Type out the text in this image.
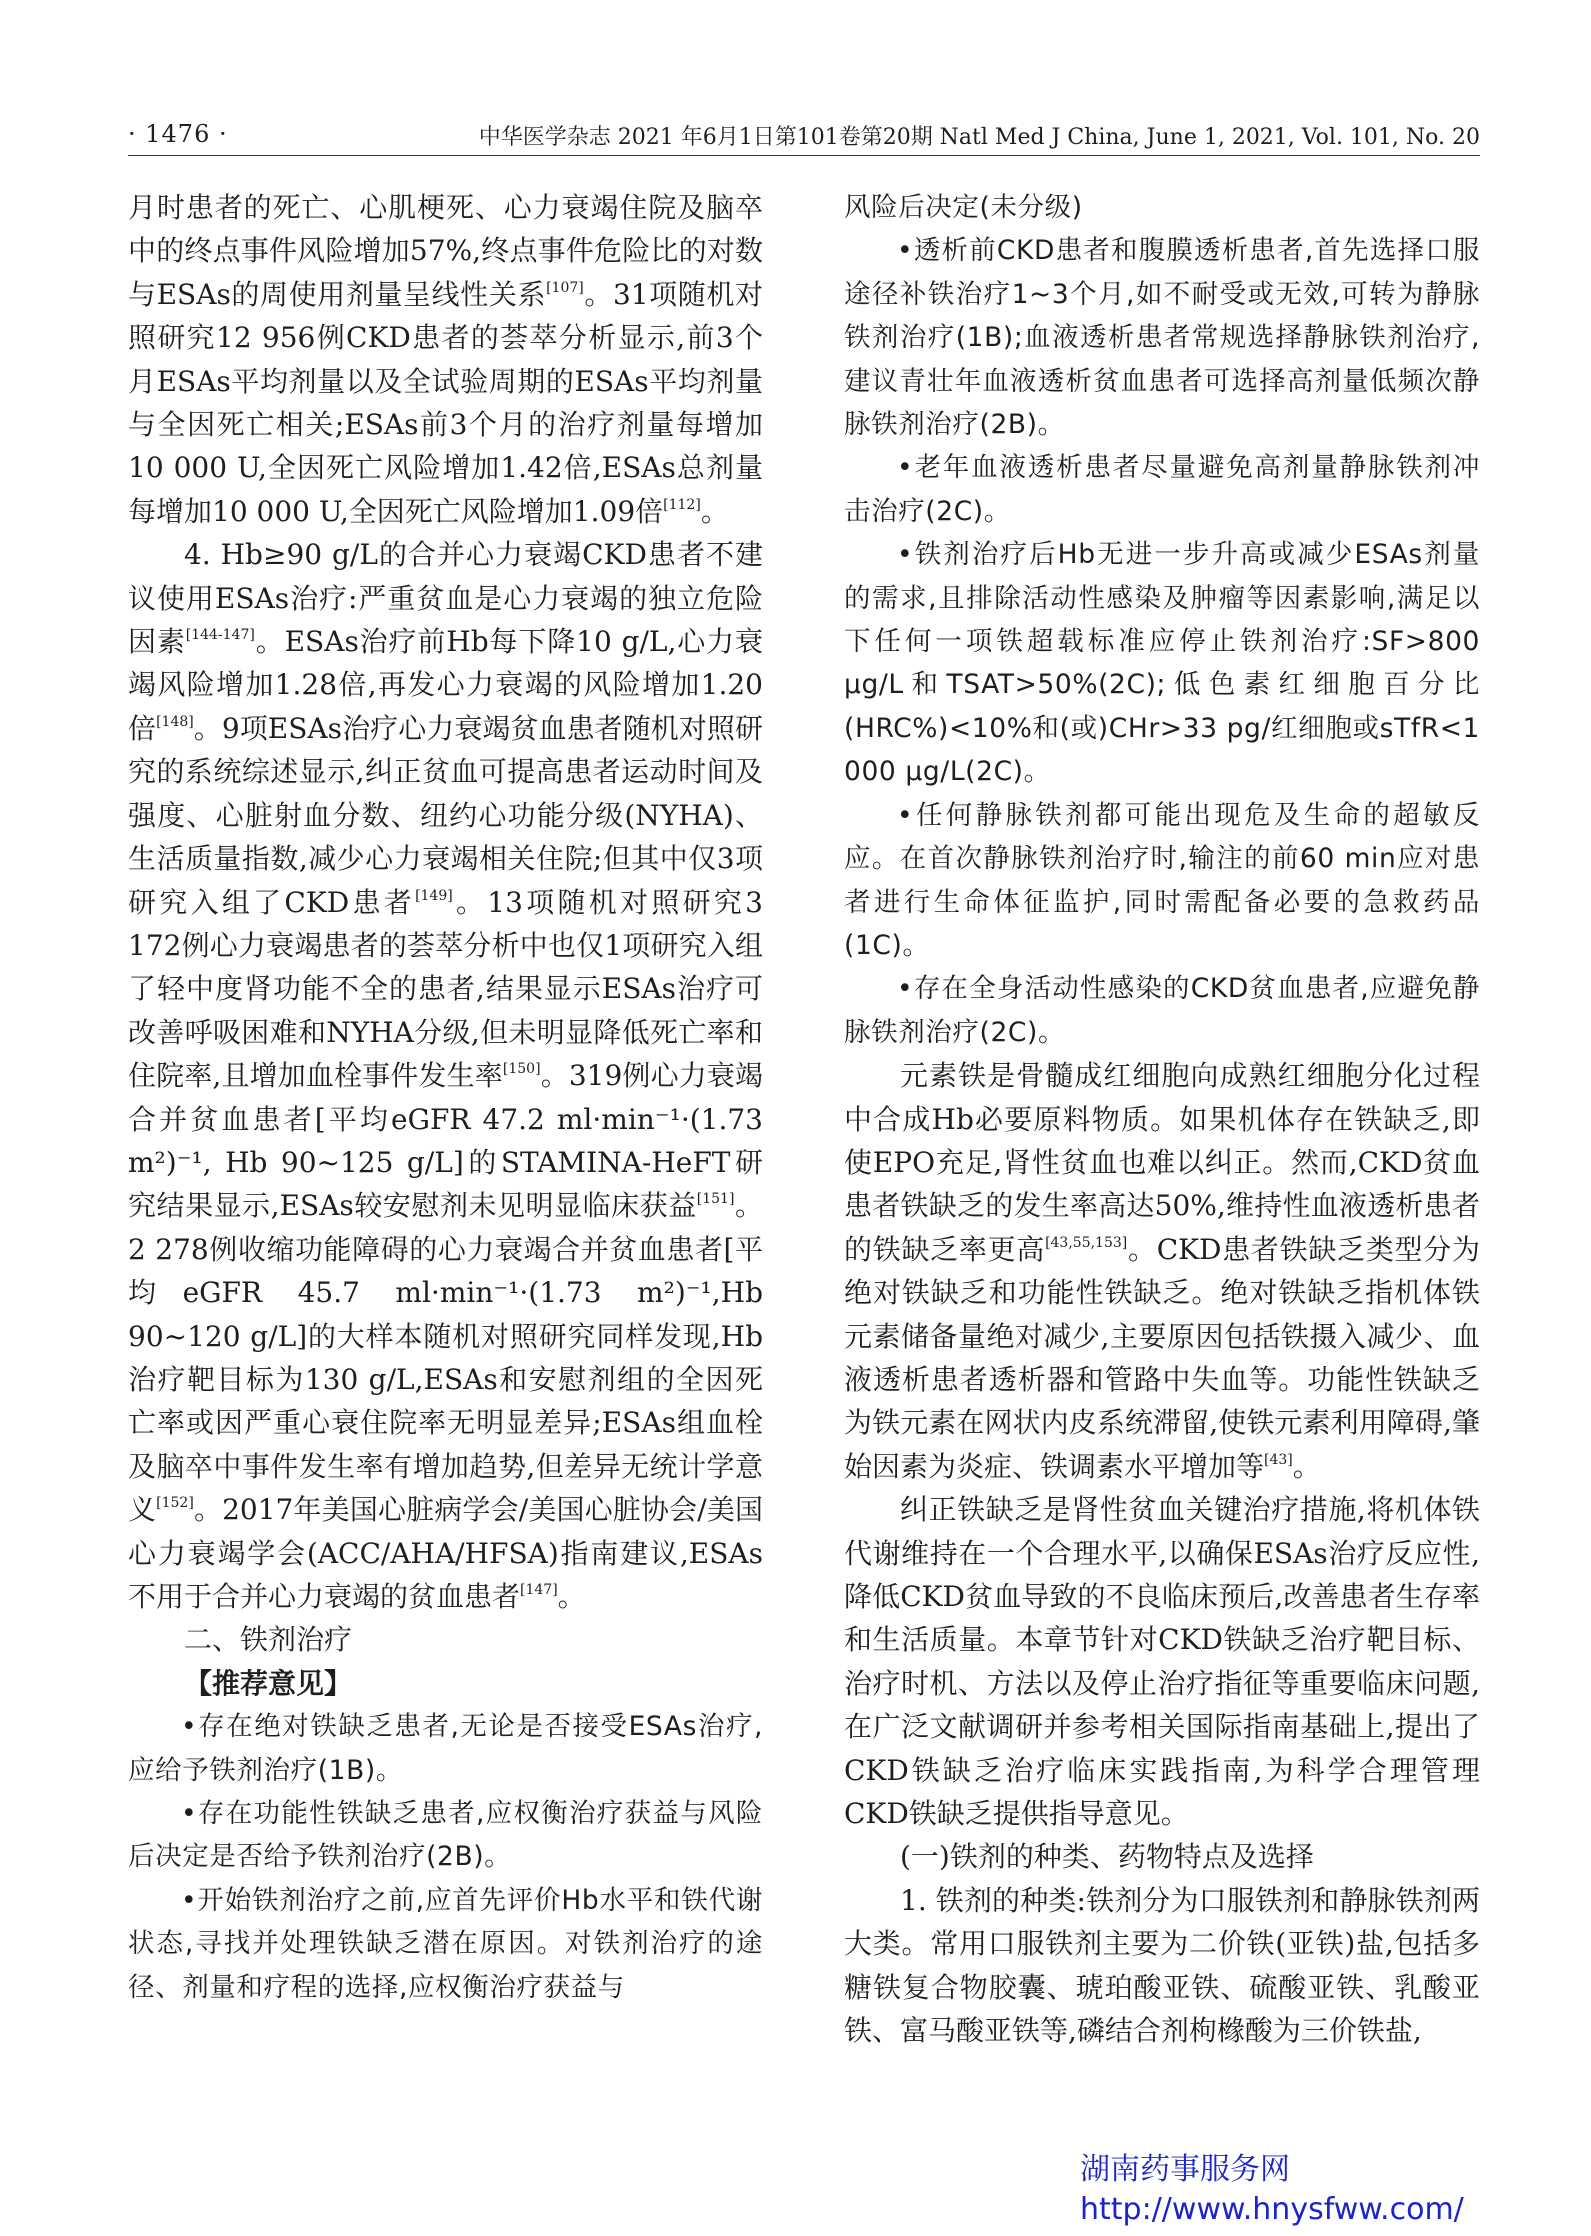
· 1476 ·	中华医学杂志 2021 年6月1日第101卷第20期 Natl Med J China, June 1, 2021, Vol. 101, No. 20

月时患者的死亡、心肌梗死、心力衰竭住院及脑卒中的终点事件风险增加57%,终点事件危险比的对数与ESAs的周使用剂量呈线性关系[107]。31项随机对照研究12 956例CKD患者的荟萃分析显示,前3个月ESAs平均剂量以及全试验周期的ESAs平均剂量与全因死亡相关;ESAs前3个月的治疗剂量每增加10 000 U,全因死亡风险增加1.42倍,ESAs总剂量每增加10 000 U,全因死亡风险增加1.09倍[112]。

4. Hb≥90 g/L的合并心力衰竭CKD患者不建议使用ESAs治疗:严重贫血是心力衰竭的独立危险因素[144-147]。ESAs治疗前Hb每下降10 g/L,心力衰竭风险增加1.28倍,再发心力衰竭的风险增加1.20倍[148]。9项ESAs治疗心力衰竭贫血患者随机对照研究的系统综述显示,纠正贫血可提高患者运动时间及强度、心脏射血分数、纽约心功能分级(NYHA)、生活质量指数,减少心力衰竭相关住院;但其中仅3项研究入组了CKD患者[149]。13项随机对照研究3 172例心力衰竭患者的荟萃分析中也仅1项研究入组了轻中度肾功能不全的患者,结果显示ESAs治疗可改善呼吸困难和NYHA分级,但未明显降低死亡率和住院率,且增加血栓事件发生率[150]。319例心力衰竭合并贫血患者[平均eGFR 47.2 ml·min⁻¹·(1.73 m²)⁻¹, Hb 90~125 g/L]的STAMINA-HeFT研究结果显示,ESAs较安慰剂未见明显临床获益[151]。2 278例收缩功能障碍的心力衰竭合并贫血患者[平均eGFR 45.7 ml·min⁻¹·(1.73 m²)⁻¹,Hb 90~120 g/L]的大样本随机对照研究同样发现,Hb治疗靶目标为130 g/L,ESAs和安慰剂组的全因死亡率或因严重心衰住院率无明显差异;ESAs组血栓及脑卒中事件发生率有增加趋势,但差异无统计学意义[152]。2017年美国心脏病学会/美国心脏协会/美国心力衰竭学会(ACC/AHA/HFSA)指南建议,ESAs不用于合并心力衰竭的贫血患者[147]。

二、铁剂治疗

【推荐意见】

•存在绝对铁缺乏患者,无论是否接受ESAs治疗,应给予铁剂治疗(1B)。

•存在功能性铁缺乏患者,应权衡治疗获益与风险后决定是否给予铁剂治疗(2B)。

•开始铁剂治疗之前,应首先评价Hb水平和铁代谢状态,寻找并处理铁缺乏潜在原因。对铁剂治疗的途径、剂量和疗程的选择,应权衡治疗获益与

风险后决定(未分级)

•透析前CKD患者和腹膜透析患者,首先选择口服途径补铁治疗1~3个月,如不耐受或无效,可转为静脉铁剂治疗(1B);血液透析患者常规选择静脉铁剂治疗,建议青壮年血液透析贫血患者可选择高剂量低频次静脉铁剂治疗(2B)。

•老年血液透析患者尽量避免高剂量静脉铁剂冲击治疗(2C)。

•铁剂治疗后Hb无进一步升高或减少ESAs剂量的需求,且排除活动性感染及肿瘤等因素影响,满足以下任何一项铁超载标准应停止铁剂治疗:SF>800 μg/L和TSAT>50%(2C);低色素红细胞百分比(HRC%)<10%和(或)CHr>33 pg/红细胞或sTfR<1 000 μg/L(2C)。

•任何静脉铁剂都可能出现危及生命的超敏反应。在首次静脉铁剂治疗时,输注的前60 min应对患者进行生命体征监护,同时需配备必要的急救药品(1C)。

•存在全身活动性感染的CKD贫血患者,应避免静脉铁剂治疗(2C)。

元素铁是骨髓成红细胞向成熟红细胞分化过程中合成Hb必要原料物质。如果机体存在铁缺乏,即使EPO充足,肾性贫血也难以纠正。然而,CKD贫血患者铁缺乏的发生率高达50%,维持性血液透析患者的铁缺乏率更高[43,55,153]。CKD患者铁缺乏类型分为绝对铁缺乏和功能性铁缺乏。绝对铁缺乏指机体铁元素储备量绝对减少,主要原因包括铁摄入减少、血液透析患者透析器和管路中失血等。功能性铁缺乏为铁元素在网状内皮系统滞留,使铁元素利用障碍,肇始因素为炎症、铁调素水平增加等[43]。

纠正铁缺乏是肾性贫血关键治疗措施,将机体铁代谢维持在一个合理水平,以确保ESAs治疗反应性,降低CKD贫血导致的不良临床预后,改善患者生存率和生活质量。本章节针对CKD铁缺乏治疗靶目标、治疗时机、方法以及停止治疗指征等重要临床问题,在广泛文献调研并参考相关国际指南基础上,提出了CKD铁缺乏治疗临床实践指南,为科学合理管理CKD铁缺乏提供指导意见。

(一)铁剂的种类、药物特点及选择

1. 铁剂的种类:铁剂分为口服铁剂和静脉铁剂两大类。常用口服铁剂主要为二价铁(亚铁)盐,包括多糖铁复合物胶囊、琥珀酸亚铁、硫酸亚铁、乳酸亚铁、富马酸亚铁等,磷结合剂枸橼酸为三价铁盐,

湖南药事服务网
http://www.hnysfww.com/
